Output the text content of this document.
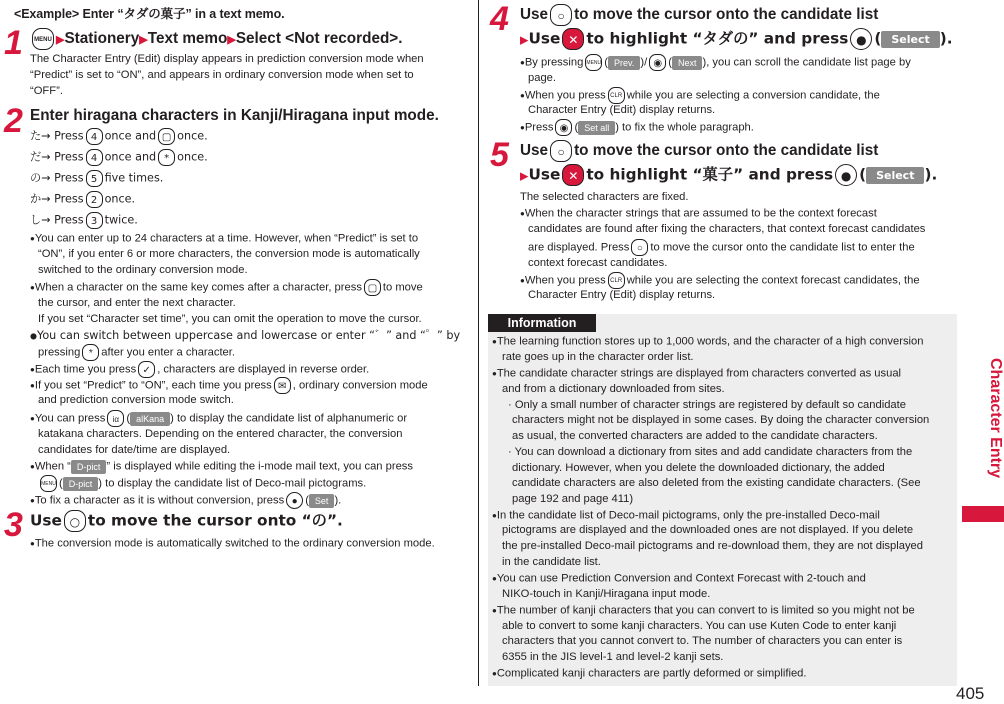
<Example> Enter “タダの菓子” in a text memo.
1	MENU ▶Stationery▶Text memo▶Select <Not recorded>.
The Character Entry (Edit) display appears in prediction conversion mode when
“Predict” is set to “ON”, and appears in ordinary conversion mode when set to
“OFF”.
2 Enter hiragana characters in Kanji/Hiragana input mode.
た→ Press 4 once and ▢ once.
だ→ Press 4 once and * once.
の→ Press 5 five times.
か→ Press 2 once.
し→ Press 3 twice.
●You can enter up to 24 characters at a time. However, when “Predict” is set to
“ON”, if you enter 6 or more characters, the conversion mode is automatically
switched to the ordinary conversion mode.
●When a character on the same key comes after a character, press ▢ to move
the cursor, and enter the next character.
If you set “Character set time”, you can omit the operation to move the cursor.
●You can switch between uppercase and lowercase or enter “゛” and “゜” by
pressing * after you enter a character.
●Each time you press ✓ , characters are displayed in reverse order.
●If you set “Predict” to “ON”, each time you press ✉ , ordinary conversion mode
and prediction conversion mode switch.
●You can press iα ( alKana ) to display the candidate list of alphanumeric or
katakana characters. Depending on the entered character, the conversion
candidates for date/time are displayed.
●When “ D-pict ” is displayed while editing the i-mode mail text, you can press
MENU ( D-pict ) to display the candidate list of Deco-mail pictograms.
●To fix a character as it is without conversion, press ● ( Set ).
3 Use ○ to move the cursor onto “の”.
●The conversion mode is automatically switched to the ordinary conversion mode.
4 Use ○ to move the cursor onto the candidate list
▶Use ✕ to highlight “タダの” and press ● ( Select ).
●By pressing MENU ( Prev. )/ ◉ ( Next ), you can scroll the candidate list page by
page.
●When you press CLR while you are selecting a conversion candidate, the
Character Entry (Edit) display returns.
●Press ◉ ( Set all ) to fix the whole paragraph.
5 Use ○ to move the cursor onto the candidate list
▶Use ✕ to highlight “菓子” and press ● ( Select ).
The selected characters are fixed.
●When the character strings that are assumed to be the context forecast
candidates are found after fixing the characters, that context forecast candidates
are displayed. Press ○ to move the cursor onto the candidate list to enter the
context forecast candidates.
●When you press CLR while you are selecting the context forecast candidates, the
Character Entry (Edit) display returns.
Information
●The learning function stores up to 1,000 words, and the character of a high conversion
rate goes up in the character order list.
●The candidate character strings are displayed from characters converted as usual
and from a dictionary downloaded from sites.
· Only a small number of character strings are registered by default so candidate
characters might not be displayed in some cases. By doing the character conversion
as usual, the converted characters are added to the candidate characters.
· You can download a dictionary from sites and add candidate characters from the
dictionary. However, when you delete the downloaded dictionary, the added
candidate characters are also deleted from the existing candidate characters. (See
page 192 and page 411)
●In the candidate list of Deco-mail pictograms, only the pre-installed Deco-mail
pictograms are displayed and the downloaded ones are not displayed. If you delete
the pre-installed Deco-mail pictograms and re-download them, they are not displayed
in the candidate list.
●You can use Prediction Conversion and Context Forecast with 2-touch and
NIKO-touch in Kanji/Hiragana input mode.
●The number of kanji characters that you can convert to is limited so you might not be
able to convert to some kanji characters. You can use Kuten Code to enter kanji
characters that you cannot convert to. The number of characters you can enter is
6355 in the JIS level-1 and level-2 kanji sets.
●Complicated kanji characters are partly deformed or simplified.
Character Entry
405
